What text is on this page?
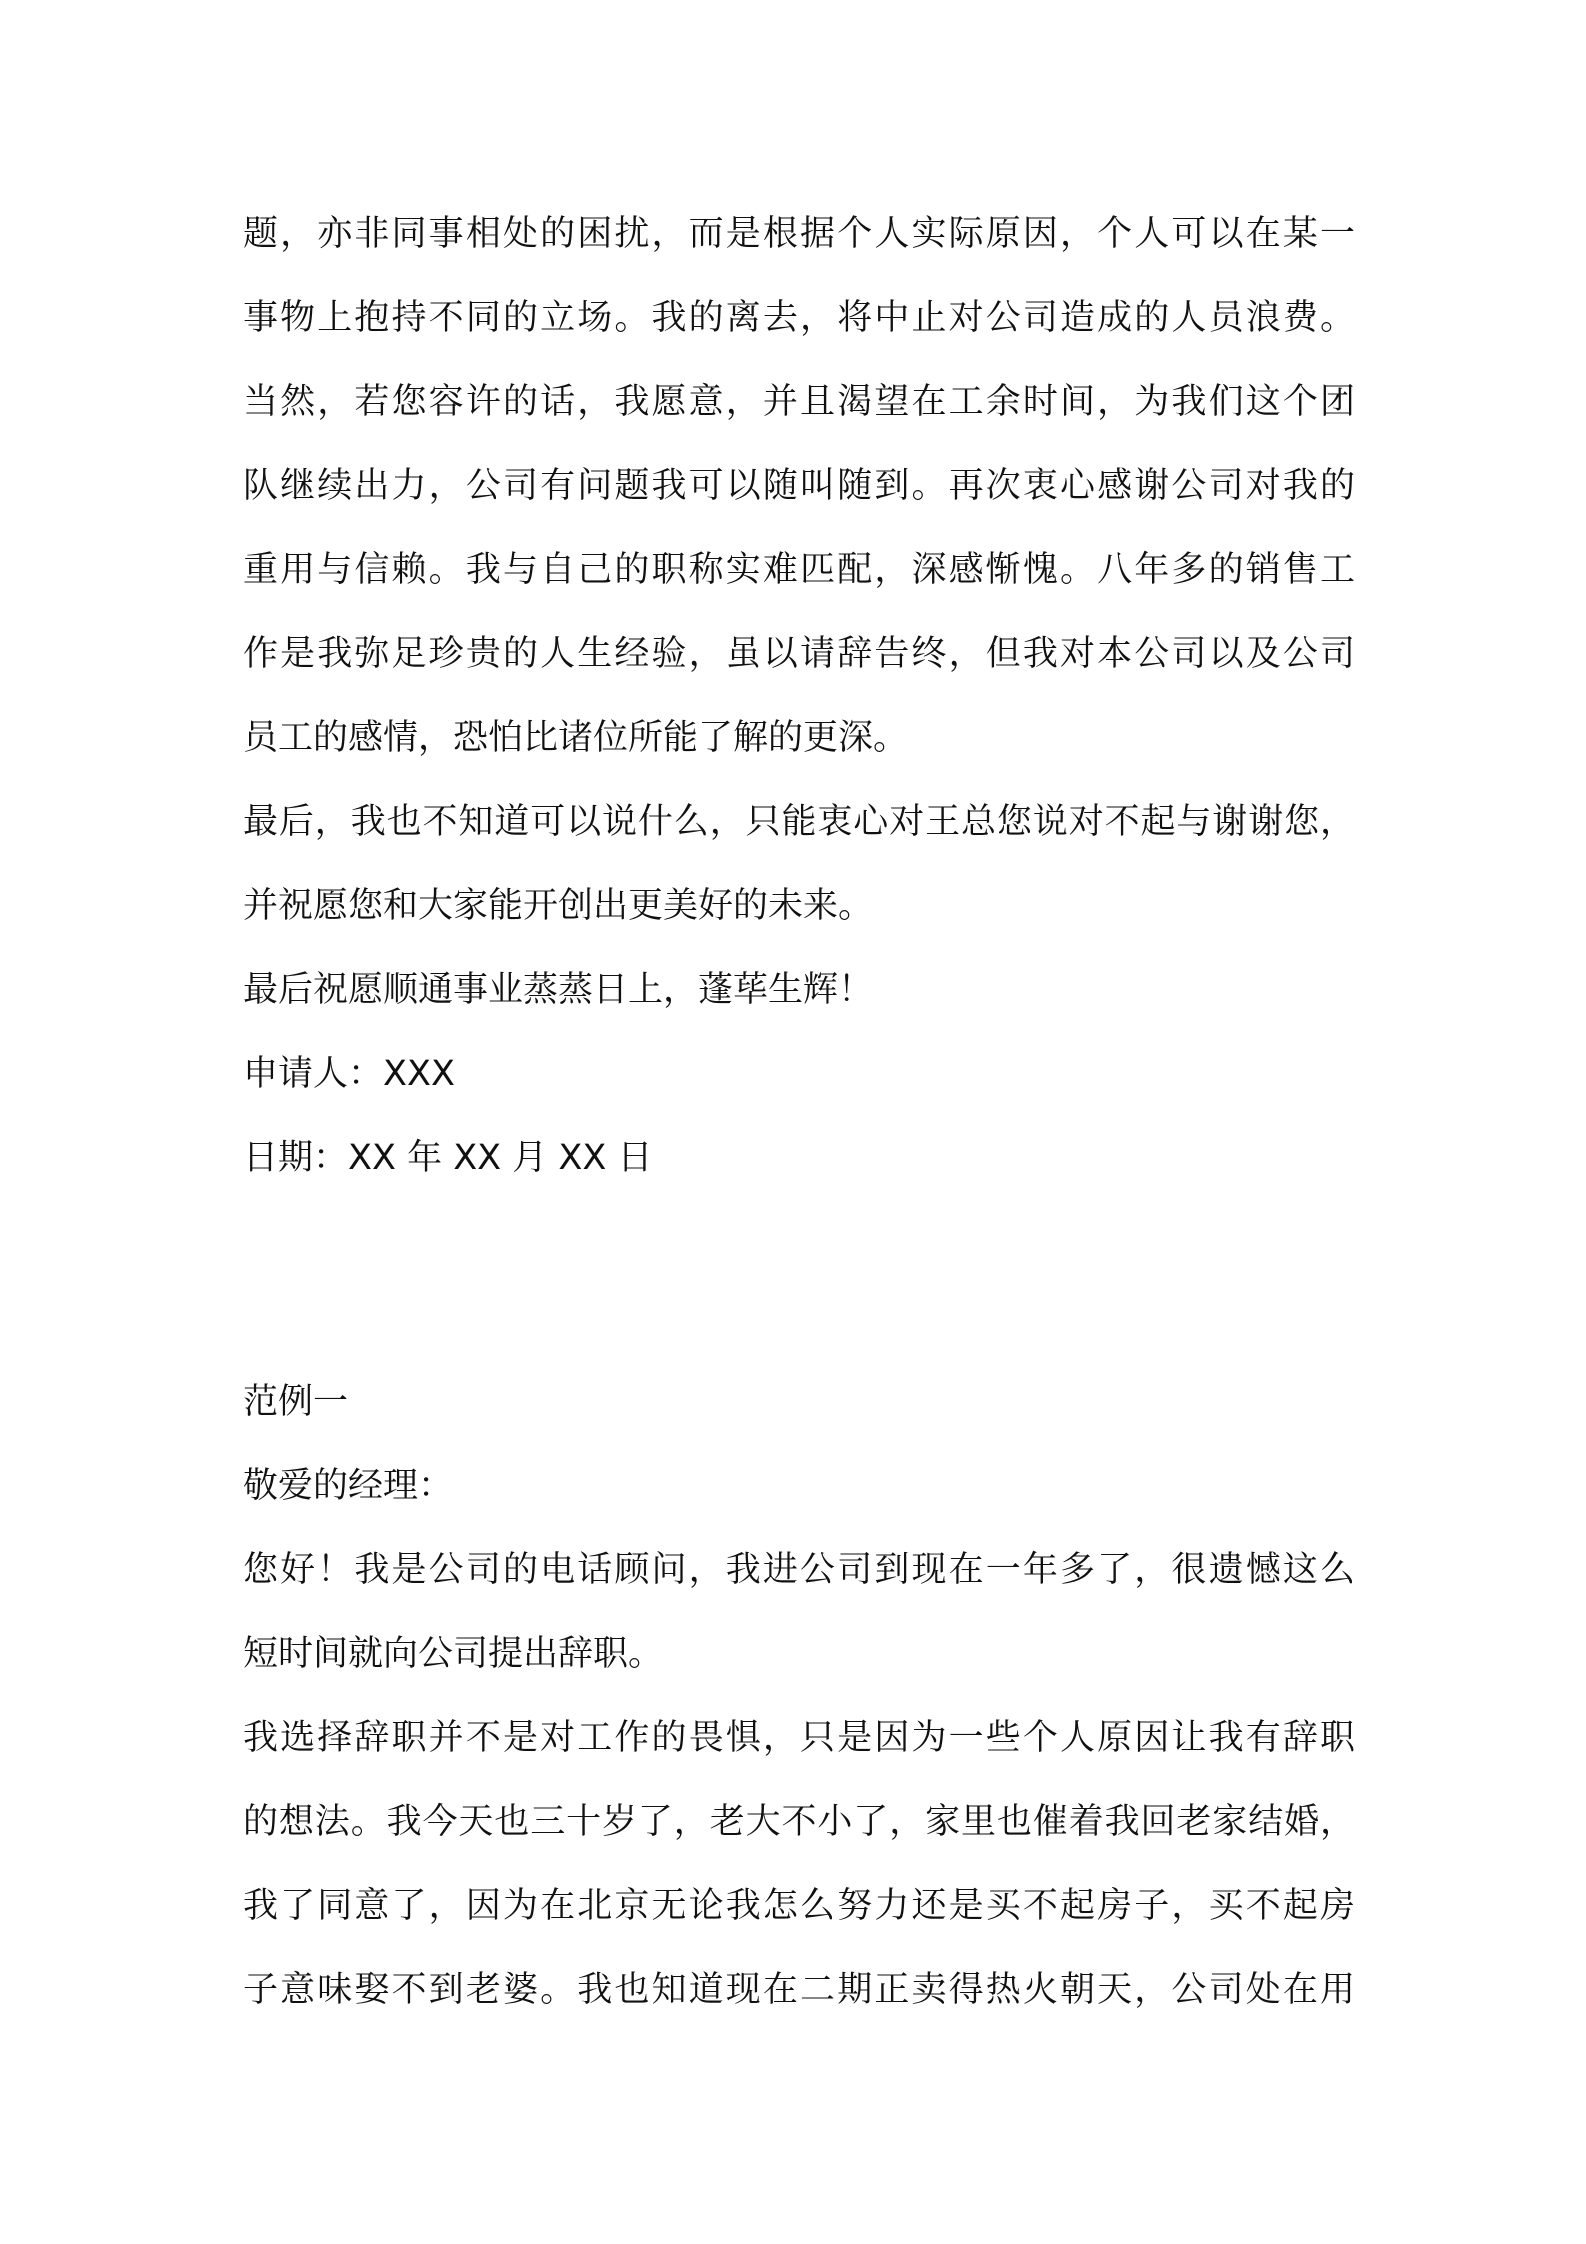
题，亦非同事相处的困扰，而是根据个人实际原因，个人可以在某一
事物上抱持不同的立场。我的离去，将中止对公司造成的人员浪费。
当然，若您容许的话，我愿意，并且渴望在工余时间，为我们这个团
队继续出力，公司有问题我可以随叫随到。再次衷心感谢公司对我的
重用与信赖。我与自己的职称实难匹配，深感惭愧。八年多的销售工
作是我弥足珍贵的人生经验，虽以请辞告终，但我对本公司以及公司
员工的感情，恐怕比诸位所能了解的更深。
最后，我也不知道可以说什么，只能衷心对王总您说对不起与谢谢您，
并祝愿您和大家能开创出更美好的未来。
最后祝愿顺通事业蒸蒸日上，蓬荜生辉！
申请人：XXX
日期：XX 年 XX 月 XX 日
范例一
敬爱的经理：
您好！我是公司的电话顾问，我进公司到现在一年多了，很遗憾这么
短时间就向公司提出辞职。
我选择辞职并不是对工作的畏惧，只是因为一些个人原因让我有辞职
的想法。我今天也三十岁了，老大不小了，家里也催着我回老家结婚，
我了同意了，因为在北京无论我怎么努力还是买不起房子，买不起房
子意味娶不到老婆。我也知道现在二期正卖得热火朝天，公司处在用
